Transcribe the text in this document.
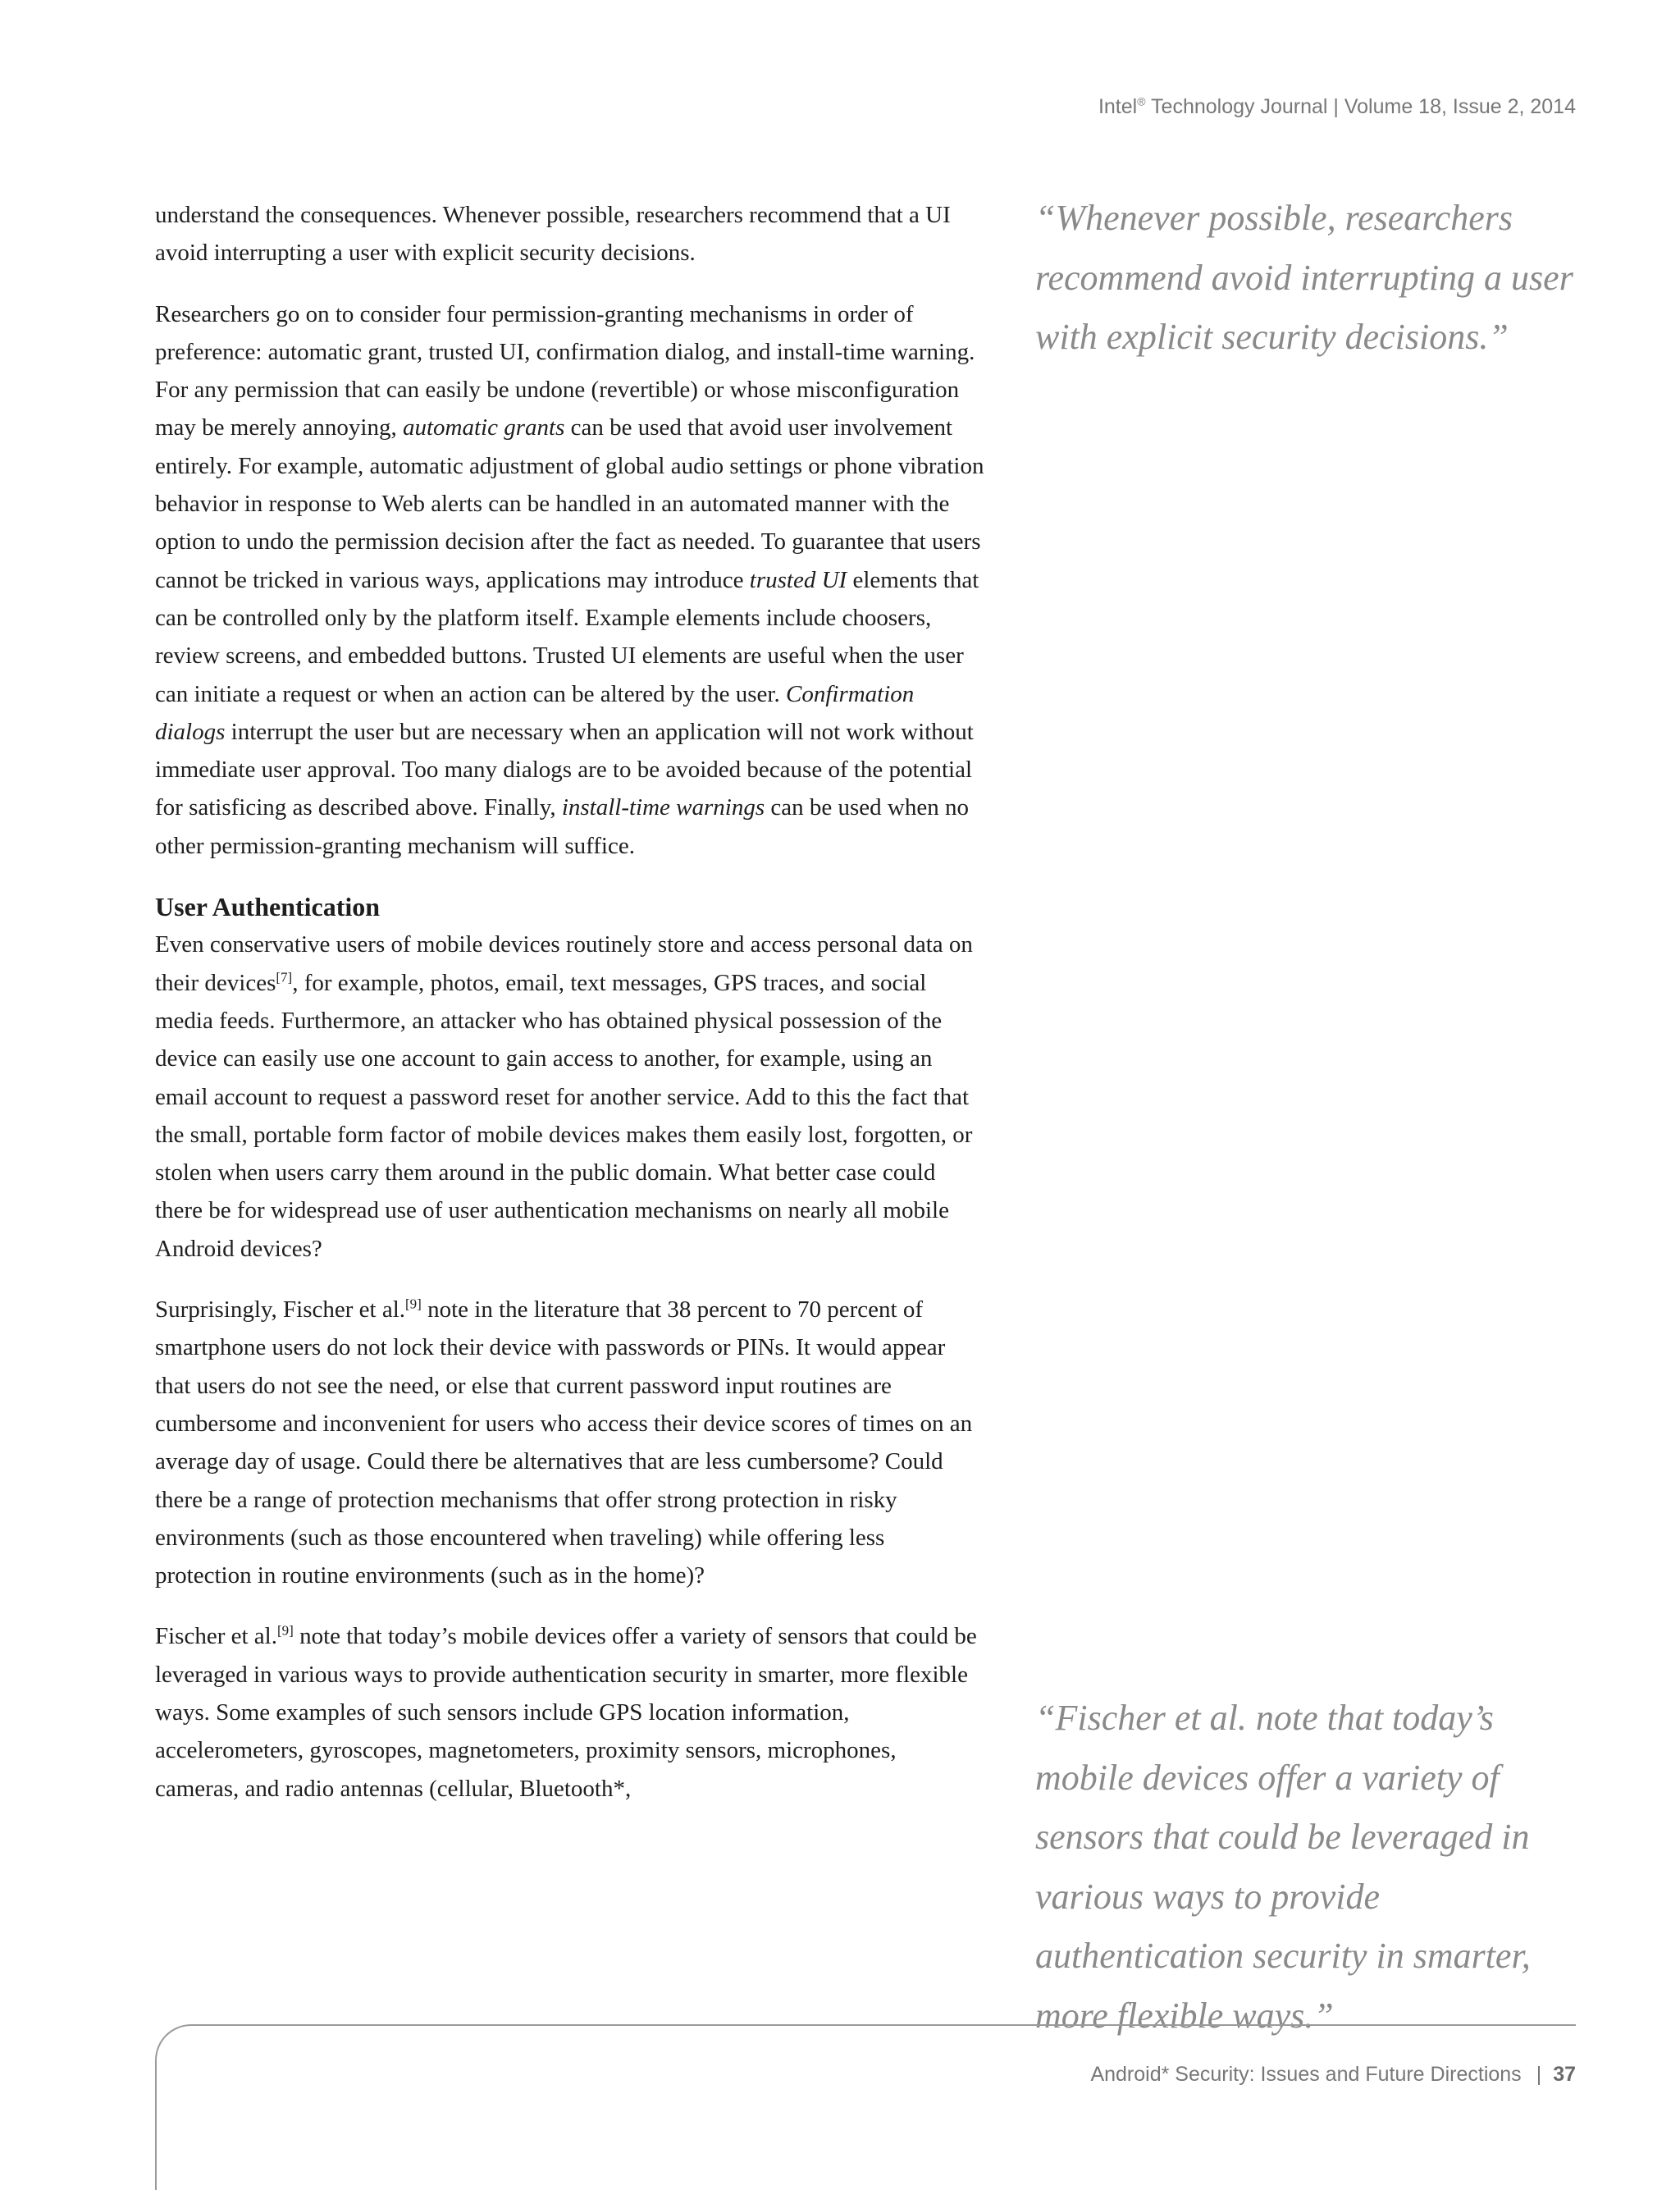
Intel® Technology Journal | Volume 18, Issue 2, 2014

understand the consequences. Whenever possible, researchers recommend that a UI avoid interrupting a user with explicit security decisions.

Researchers go on to consider four permission-granting mechanisms in order of preference: automatic grant, trusted UI, confirmation dialog, and install-time warning. For any permission that can easily be undone (revertible) or whose misconfiguration may be merely annoying, automatic grants can be used that avoid user involvement entirely. For example, automatic adjustment of global audio settings or phone vibration behavior in response to Web alerts can be handled in an automated manner with the option to undo the permission decision after the fact as needed. To guarantee that users cannot be tricked in various ways, applications may introduce trusted UI elements that can be controlled only by the platform itself. Example elements include choosers, review screens, and embedded buttons. Trusted UI elements are useful when the user can initiate a request or when an action can be altered by the user. Confirmation dialogs interrupt the user but are necessary when an application will not work without immediate user approval. Too many dialogs are to be avoided because of the potential for satisficing as described above. Finally, install-time warnings can be used when no other permission-granting mechanism will suffice.

User Authentication

Even conservative users of mobile devices routinely store and access personal data on their devices[7], for example, photos, email, text messages, GPS traces, and social media feeds. Furthermore, an attacker who has obtained physical possession of the device can easily use one account to gain access to another, for example, using an email account to request a password reset for another service. Add to this the fact that the small, portable form factor of mobile devices makes them easily lost, forgotten, or stolen when users carry them around in the public domain. What better case could there be for widespread use of user authentication mechanisms on nearly all mobile Android devices?

Surprisingly, Fischer et al.[9] note in the literature that 38 percent to 70 percent of smartphone users do not lock their device with passwords or PINs. It would appear that users do not see the need, or else that current password input routines are cumbersome and inconvenient for users who access their device scores of times on an average day of usage. Could there be alternatives that are less cumbersome? Could there be a range of protection mechanisms that offer strong protection in risky environments (such as those encountered when traveling) while offering less protection in routine environments (such as in the home)?

Fischer et al.[9] note that today’s mobile devices offer a variety of sensors that could be leveraged in various ways to provide authentication security in smarter, more flexible ways. Some examples of such sensors include GPS location information, accelerometers, gyroscopes, magnetometers, proximity sensors, microphones, cameras, and radio antennas (cellular, Bluetooth*,

“Whenever possible, researchers recommend avoid interrupting a user with explicit security decisions.”
“Fischer et al. note that today’s mobile devices offer a variety of sensors that could be leveraged in various ways to provide authentication security in smarter, more flexible ways.”
Android* Security: Issues and Future Directions | 37
